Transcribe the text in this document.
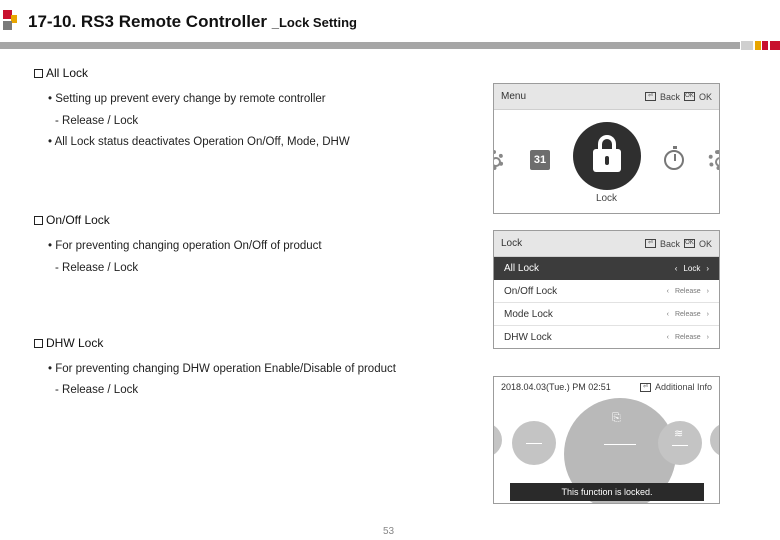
17-10. RS3 Remote Controller _Lock Setting
All Lock
• Setting up prevent every change by remote controller
- Release / Lock
• All Lock status deactivates Operation On/Off, Mode, DHW
On/Off Lock
• For preventing changing operation On/Off of product
- Release / Lock
DHW Lock
• For preventing changing DHW operation Enable/Disable of product
- Release / Lock
Menu	⏎ Back OK OK
31
Lock
Lock	⏎ Back OK OK
All Lock	‹ Lock ›
On/Off Lock	‹ Release ›
Mode Lock	‹ Release ›
DHW Lock	‹ Release ›
2018.04.03(Tue.) PM 02:51	⏎ Additional Info
⎘
≋
This function is locked.
53
